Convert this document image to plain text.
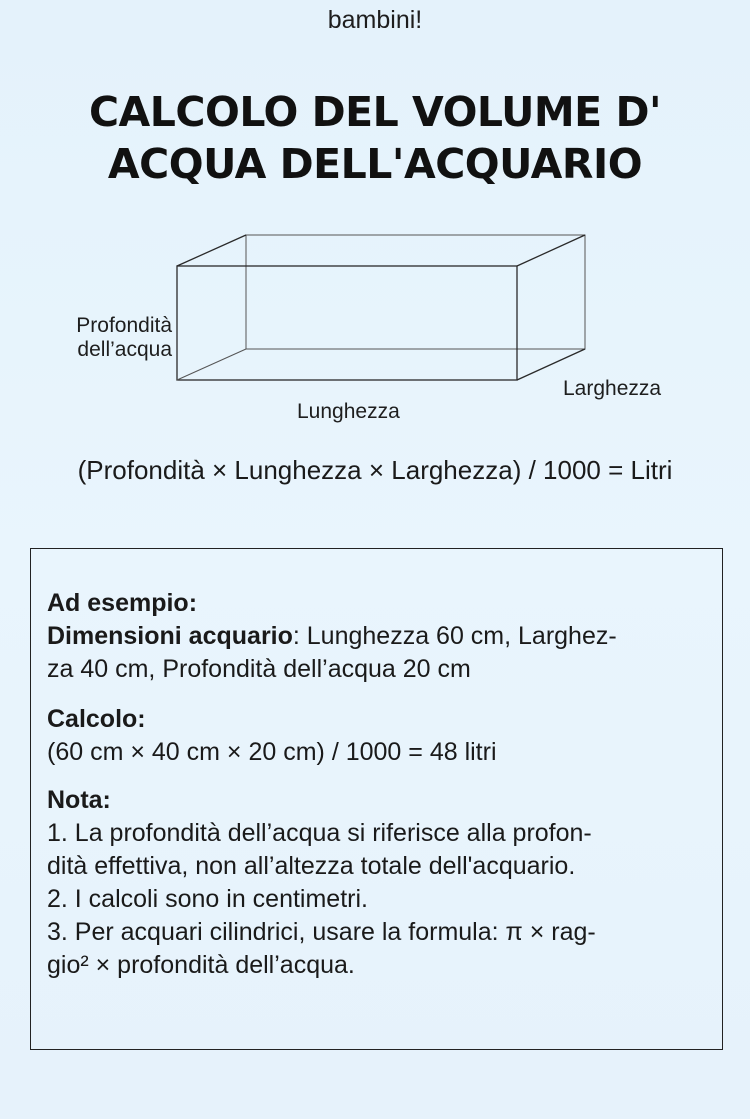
bambini!
CALCOLO DEL VOLUME D'
ACQUA DELL'ACQUARIO
Profondità
dell’acqua
Larghezza
Lunghezza
(Profondità × Lunghezza × Larghezza) / 1000 = Litri
Ad esempio:
Dimensioni acquario: Lunghezza 60 cm, Larghez-
za 40 cm, Profondità dell’acqua 20 cm
Calcolo:
(60 cm × 40 cm × 20 cm) / 1000 = 48 litri
Nota:
1. La profondità dell’acqua si riferisce alla profon-
dità effettiva, non all’altezza totale dell'acquario.
2. I calcoli sono in centimetri.
3. Per acquari cilindrici, usare la formula: π × rag-
gio² × profondità dell’acqua.
